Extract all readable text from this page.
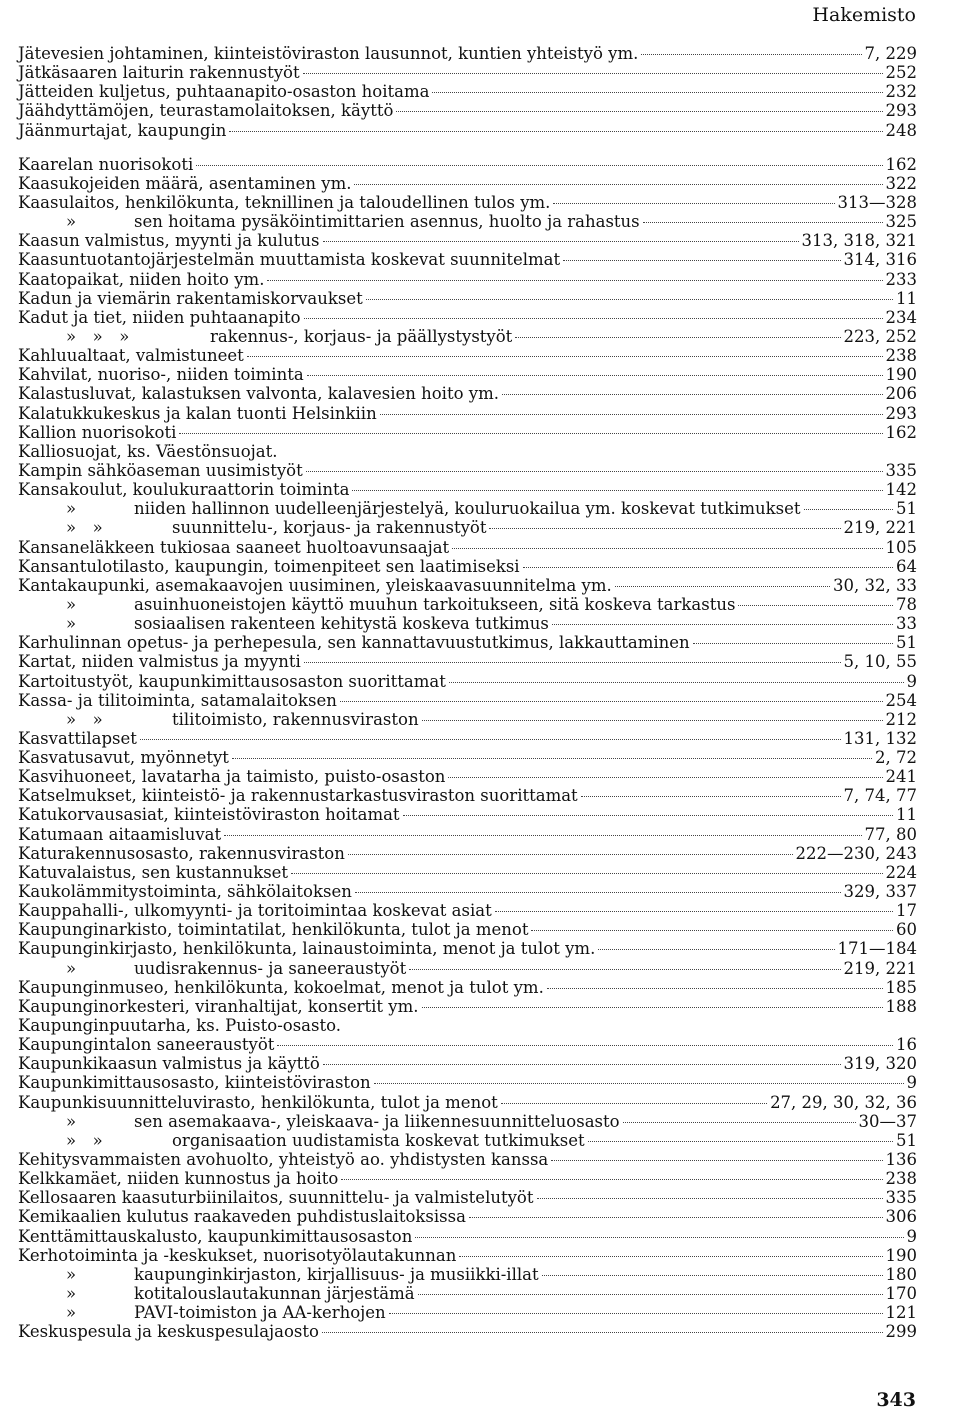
Hakemisto
Jätevesien johtaminen, kiinteistöviraston lausunnot, kuntien yhteistyö ym.	7, 229
Jätkäsaaren laiturin rakennustyöt	252
Jätteiden kuljetus, puhtaanapito-osaston hoitama	232
Jäähdyttämöjen, teurastamolaitoksen, käyttö	293
Jäänmurtajat, kaupungin	248
Kaarelan nuorisokoti	162
Kaasukojeiden määrä, asentaminen ym.	322
Kaasulaitos, henkilökunta, teknillinen ja taloudellinen tulos ym.	313—328
»	sen hoitama pysäköintimittarien asennus, huolto ja rahastus	325
Kaasun valmistus, myynti ja kulutus	313, 318, 321
Kaasuntuotantojärjestelmän muuttamista koskevat suunnitelmat	314, 316
Kaatopaikat, niiden hoito ym.	233
Kadun ja viemärin rakentamiskorvaukset	11
Kadut ja tiet, niiden puhtaanapito	234
»  »  »	rakennus-, korjaus- ja päällystystyöt	223, 252
Kahluualtaat, valmistuneet	238
Kahvilat, nuoriso-, niiden toiminta	190
Kalastusluvat, kalastuksen valvonta, kalavesien hoito ym.	206
Kalatukkukeskus ja kalan tuonti Helsinkiin	293
Kallion nuorisokoti	162
Kalliosuojat, ks. Väestönsuojat.
Kampin sähköaseman uusimistyöt	335
Kansakoulut, koulukuraattorin toiminta	142
»	niiden hallinnon uudelleenjärjestelyä, kouluruokailua ym. koskevat tutkimukset	51
»  »	suunnittelu-, korjaus- ja rakennustyöt	219, 221
Kansaneläkkeen tukiosaa saaneet huoltoavunsaajat	105
Kansantulotilasto, kaupungin, toimenpiteet sen laatimiseksi	64
Kantakaupunki, asemakaavojen uusiminen, yleiskaavasuunnitelma ym.	30, 32, 33
»	asuinhuoneistojen käyttö muuhun tarkoitukseen, sitä koskeva tarkastus	78
»	sosiaalisen rakenteen kehitystä koskeva tutkimus	33
Karhulinnan opetus- ja perhepesula, sen kannattavuustutkimus, lakkauttaminen	51
Kartat, niiden valmistus ja myynti	5, 10, 55
Kartoitustyöt, kaupunkimittausosaston suorittamat	9
Kassa- ja tilitoiminta, satamalaitoksen	254
»  »	tilitoimisto, rakennusviraston	212
Kasvattilapset	131, 132
Kasvatusavut, myönnetyt	2, 72
Kasvihuoneet, lavatarha ja taimisto, puisto-osaston	241
Katselmukset, kiinteistö- ja rakennustarkastusviraston suorittamat	7, 74, 77
Katukorvausasiat, kiinteistöviraston hoitamat	11
Katumaan aitaamisluvat	77, 80
Katurakennusosasto, rakennusviraston	222—230, 243
Katuvalaistus, sen kustannukset	224
Kaukolämmitystoiminta, sähkölaitoksen	329, 337
Kauppahalli-, ulkomyynti- ja toritoimintaa koskevat asiat	17
Kaupunginarkisto, toimintatilat, henkilökunta, tulot ja menot	60
Kaupunginkirjasto, henkilökunta, lainaustoiminta, menot ja tulot ym.	171—184
»	uudisrakennus- ja saneeraustyöt	219, 221
Kaupunginmuseo, henkilökunta, kokoelmat, menot ja tulot ym.	185
Kaupunginorkesteri, viranhaltijat, konsertit ym.	188
Kaupunginpuutarha, ks. Puisto-osasto.
Kaupungintalon saneeraustyöt	16
Kaupunkikaasun valmistus ja käyttö	319, 320
Kaupunkimittausosasto, kiinteistöviraston	9
Kaupunkisuunnitteluvirasto, henkilökunta, tulot ja menot	27, 29, 30, 32, 36
»	sen asemakaava-, yleiskaava- ja liikennesuunnitteluosasto	30—37
»  »	organisaation uudistamista koskevat tutkimukset	51
Kehitysvammaisten avohuolto, yhteistyö ao. yhdistysten kanssa	136
Kelkkamäet, niiden kunnostus ja hoito	238
Kellosaaren kaasuturbiinilaitos, suunnittelu- ja valmistelutyöt	335
Kemikaalien kulutus raakaveden puhdistuslaitoksissa	306
Kenttämittauskalusto, kaupunkimittausosaston	9
Kerhotoiminta ja -keskukset, nuorisotyölautakunnan	190
»	kaupunginkirjaston, kirjallisuus- ja musiikki-illat	180
»	kotitalouslautakunnan järjestämä	170
»	PAVI-toimiston ja AA-kerhojen	121
Keskuspesula ja keskuspesulajaosto	299
343
